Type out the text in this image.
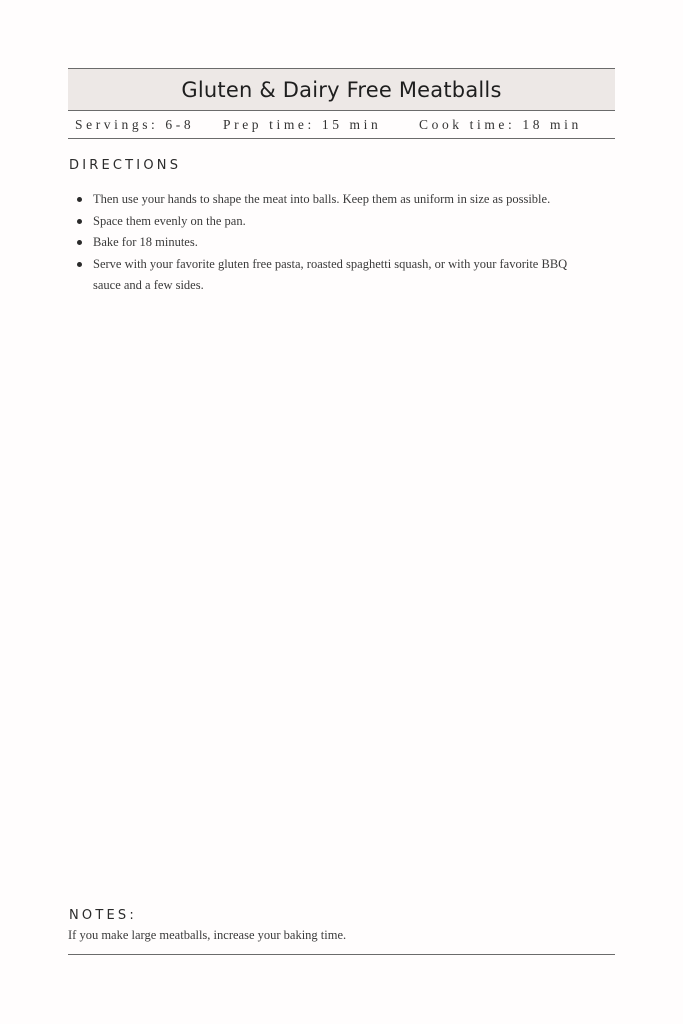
Gluten & Dairy Free Meatballs
Servings: 6-8 Prep time: 15 min	Cook time: 18 min
DIRECTIONS
Then use your hands to shape the meat into balls. Keep them as uniform in size as possible.
Space them evenly on the pan.
Bake for 18 minutes.
Serve with your favorite gluten free pasta, roasted spaghetti squash, or with your favorite BBQ sauce and a few sides.
NOTES:
If you make large meatballs, increase your baking time.
